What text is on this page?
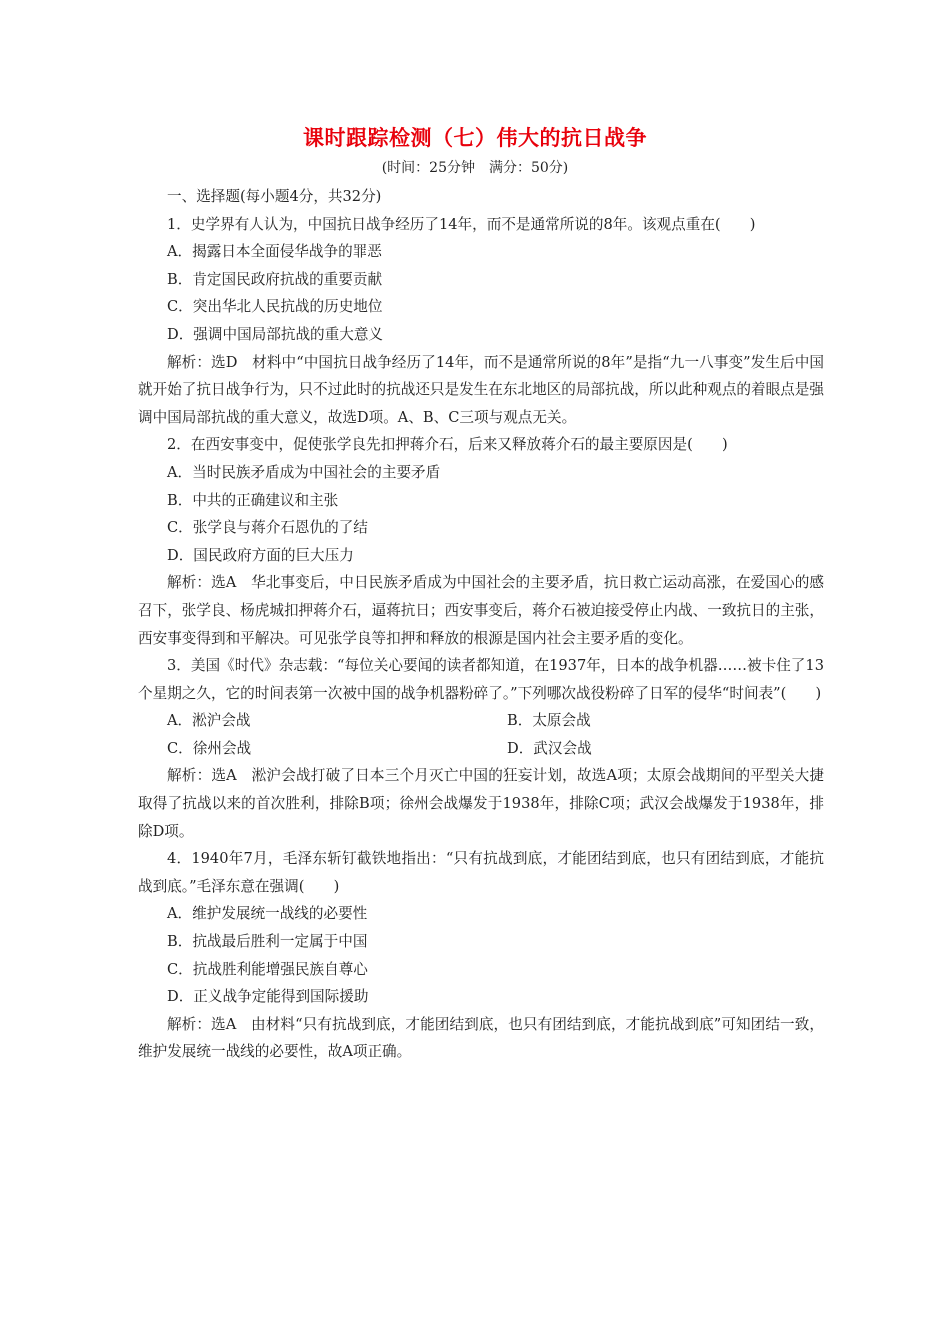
课时跟踪检测（七）伟大的抗日战争
(时间：25分钟　满分：50分)
一、选择题(每小题4分，共32分)

1．史学界有人认为，中国抗日战争经历了14年，而不是通常所说的8年。该观点重在(　　)

A．揭露日本全面侵华战争的罪恶
B．肯定国民政府抗战的重要贡献
C．突出华北人民抗战的历史地位
D．强调中国局部抗战的重大意义

解析：选D　材料中“中国抗日战争经历了14年，而不是通常所说的8年”是指“九一八事变”发生后中国就开始了抗日战争行为，只不过此时的抗战还只是发生在东北地区的局部抗战，所以此种观点的着眼点是强调中国局部抗战的重大意义，故选D项。A、B、C三项与观点无关。

2．在西安事变中，促使张学良先扣押蒋介石，后来又释放蒋介石的最主要原因是(　　)

A．当时民族矛盾成为中国社会的主要矛盾
B．中共的正确建议和主张
C．张学良与蒋介石恩仇的了结
D．国民政府方面的巨大压力

解析：选A　华北事变后，中日民族矛盾成为中国社会的主要矛盾，抗日救亡运动高涨，在爱国心的感召下，张学良、杨虎城扣押蒋介石，逼蒋抗日；西安事变后，蒋介石被迫接受停止内战、一致抗日的主张，西安事变得到和平解决。可见张学良等扣押和释放的根源是国内社会主要矛盾的变化。

3．美国《时代》杂志载：“每位关心要闻的读者都知道，在1937年，日本的战争机器……被卡住了13个星期之久，它的时间表第一次被中国的战争机器粉碎了。”下列哪次战役粉碎了日军的侵华“时间表”(　　)

A．淞沪会战	B．太原会战
C．徐州会战	D．武汉会战

解析：选A　淞沪会战打破了日本三个月灭亡中国的狂妄计划，故选A项；太原会战期间的平型关大捷取得了抗战以来的首次胜利，排除B项；徐州会战爆发于1938年，排除C项；武汉会战爆发于1938年，排除D项。

4．1940年7月，毛泽东斩钉截铁地指出：“只有抗战到底，才能团结到底，也只有团结到底，才能抗战到底。”毛泽东意在强调(　　)

A．维护发展统一战线的必要性
B．抗战最后胜利一定属于中国
C．抗战胜利能增强民族自尊心
D．正义战争定能得到国际援助

解析：选A　由材料“只有抗战到底，才能团结到底，也只有团结到底，才能抗战到底”可知团结一致，维护发展统一战线的必要性，故A项正确。
